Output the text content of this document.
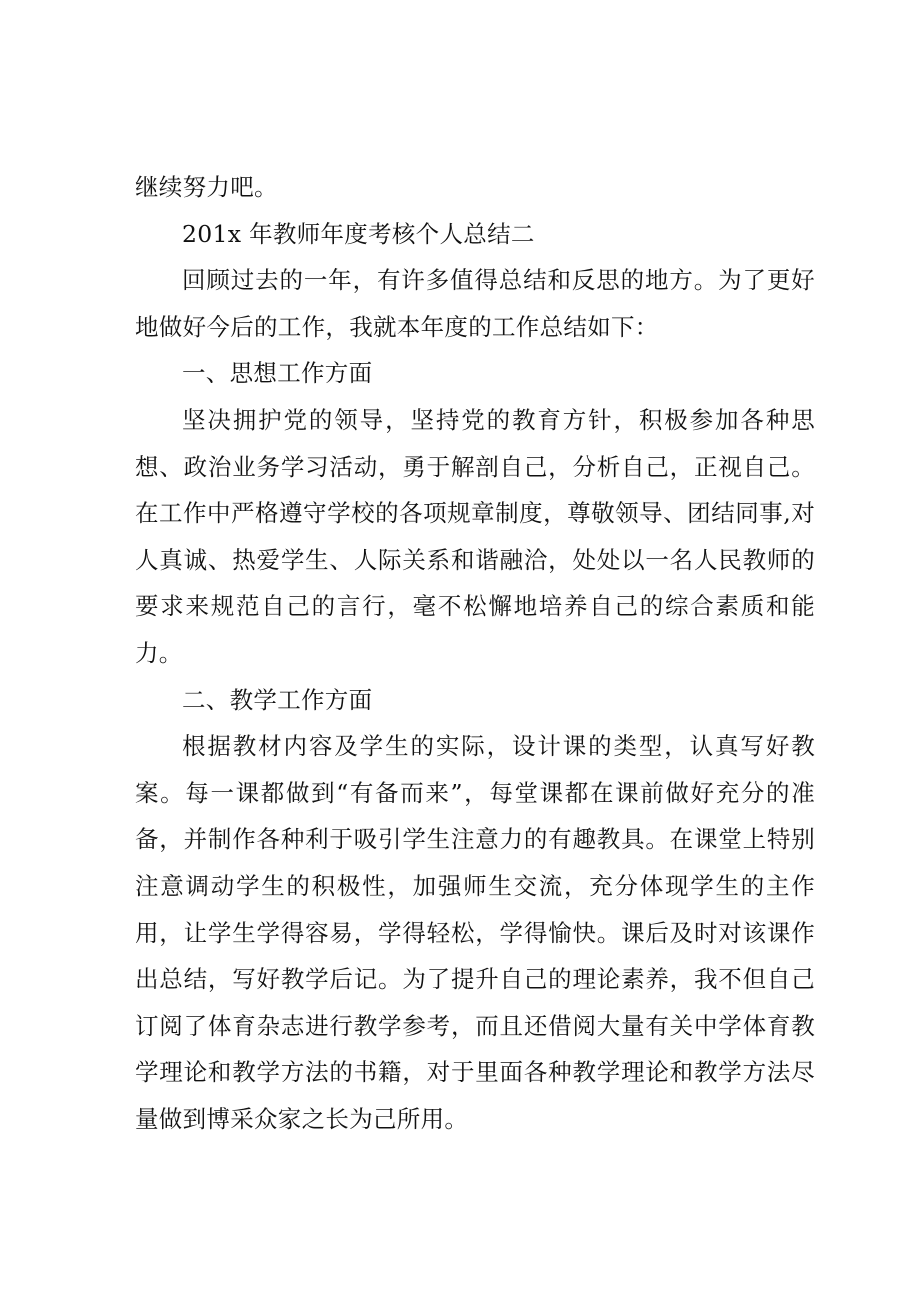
继续努力吧。

201x 年教师年度考核个人总结二

回顾过去的一年，有许多值得总结和反思的地方。为了更好地做好今后的工作，我就本年度的工作总结如下：

一、思想工作方面

坚决拥护党的领导，坚持党的教育方针，积极参加各种思想、政治业务学习活动，勇于解剖自己，分析自己，正视自己。在工作中严格遵守学校的各项规章制度，尊敬领导、团结同事,对人真诚、热爱学生、人际关系和谐融洽，处处以一名人民教师的要求来规范自己的言行，毫不松懈地培养自己的综合素质和能力。

二、教学工作方面

根据教材内容及学生的实际，设计课的类型，认真写好教案。每一课都做到“有备而来”，每堂课都在课前做好充分的准备，并制作各种利于吸引学生注意力的有趣教具。在课堂上特别注意调动学生的积极性，加强师生交流，充分体现学生的主作用，让学生学得容易，学得轻松，学得愉快。课后及时对该课作出总结，写好教学后记。为了提升自己的理论素养，我不但自己订阅了体育杂志进行教学参考，而且还借阅大量有关中学体育教学理论和教学方法的书籍，对于里面各种教学理论和教学方法尽量做到博采众家之长为己所用。
